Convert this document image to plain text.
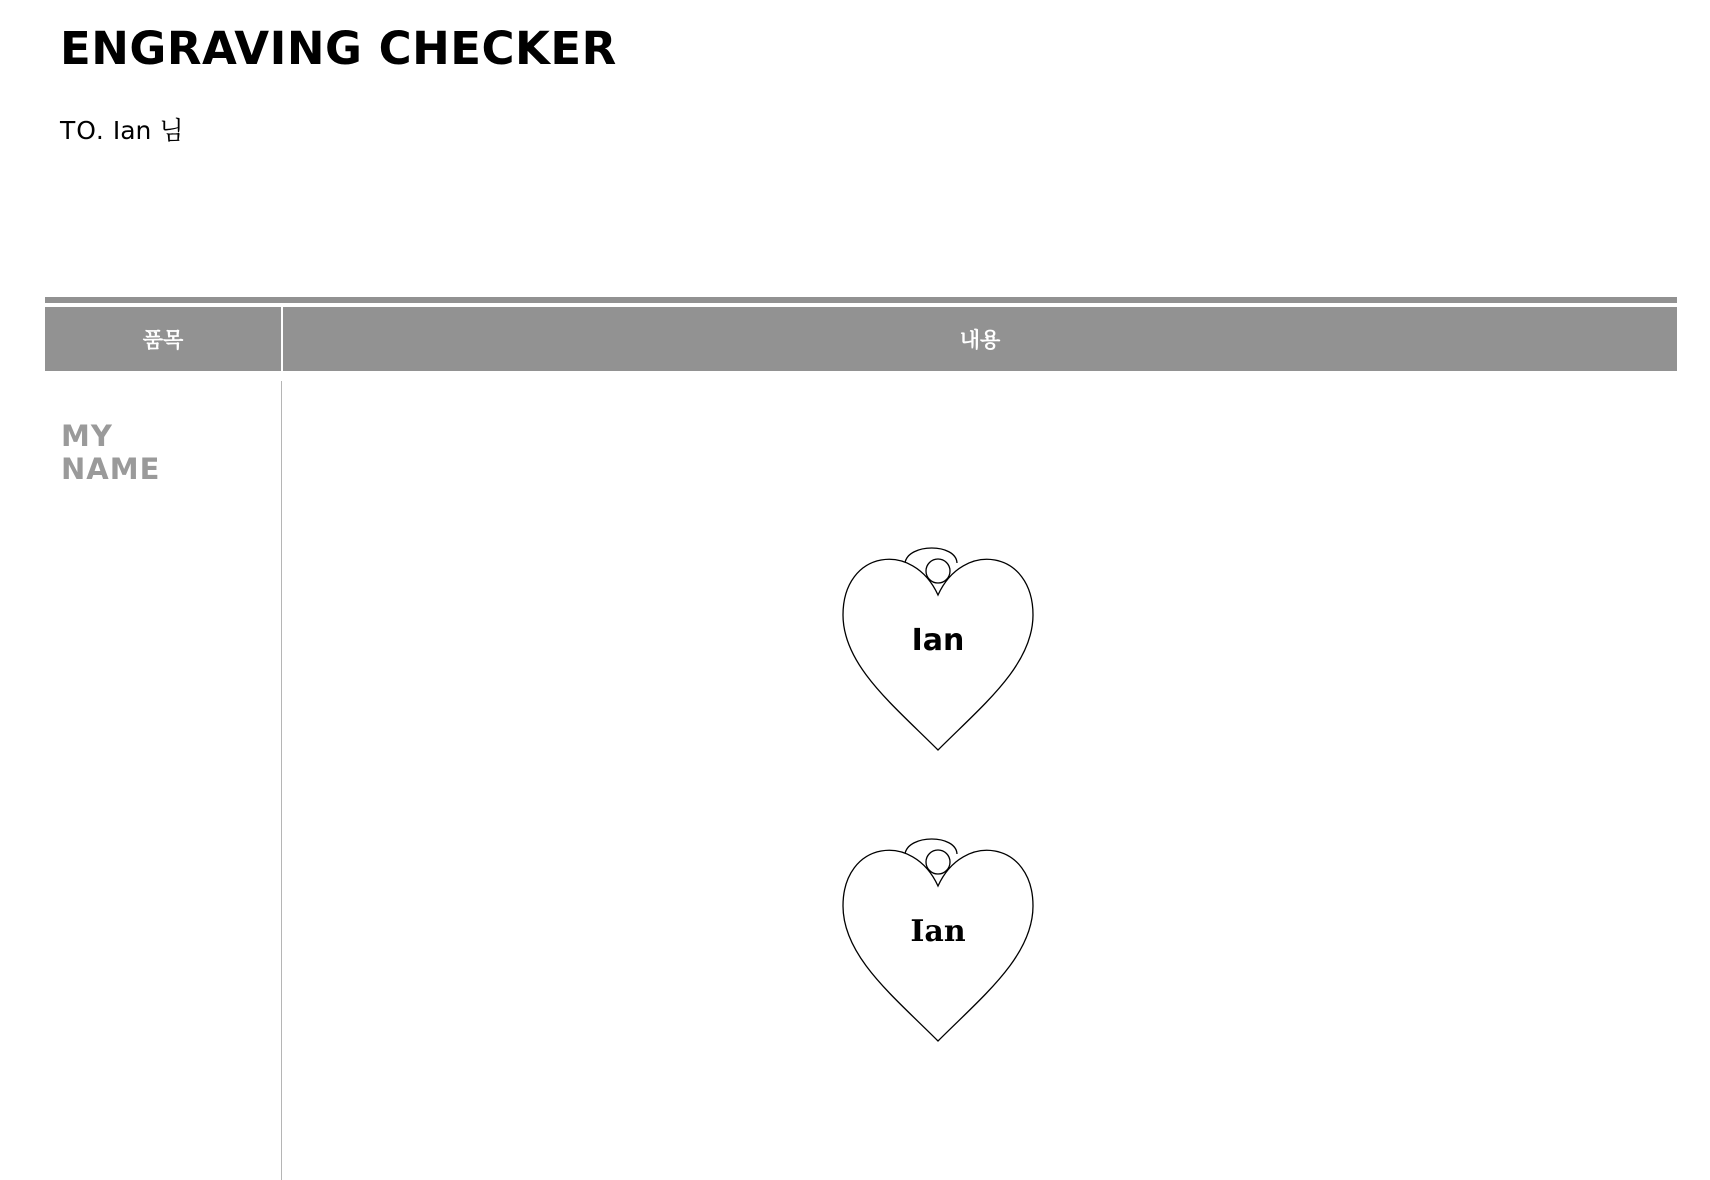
ENGRAVING CHECKER
TO. Ian 님
품목	내용
MY
NAME
Ian
Ian
